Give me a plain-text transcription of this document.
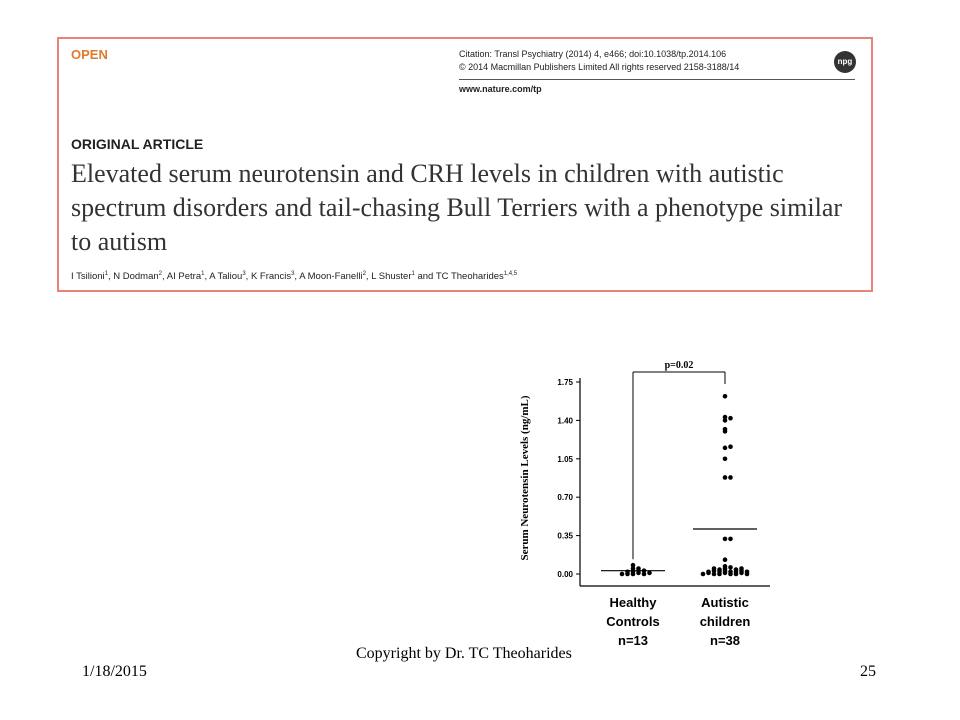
OPEN	Citation: Transl Psychiatry (2014) 4, e466; doi:10.1038/tp.2014.106
© 2014 Macmillan Publishers Limited All rights reserved 2158-3188/14
www.nature.com/tp
npg
ORIGINAL ARTICLE
Elevated serum neurotensin and CRH levels in children with autistic spectrum disorders and tail-chasing Bull Terriers with a phenotype similar to autism
I Tsilioni$^1$, N Dodman$^2$, AI Petra$^1$, A Taliou$^3$, K Francis$^3$, A Moon-Fanelli$^2$, L Shuster$^1$ and TC Theoharides$^{1,4,5}$
0.00
0.35
0.70
1.05
1.40
1.75
Serum Neurotensin Levels (ng/mL)
p=0.02
Healthy
Controls
n=13
Autistic
children
n=38
Copyright by Dr. TC Theoharides
1/18/2015	25
